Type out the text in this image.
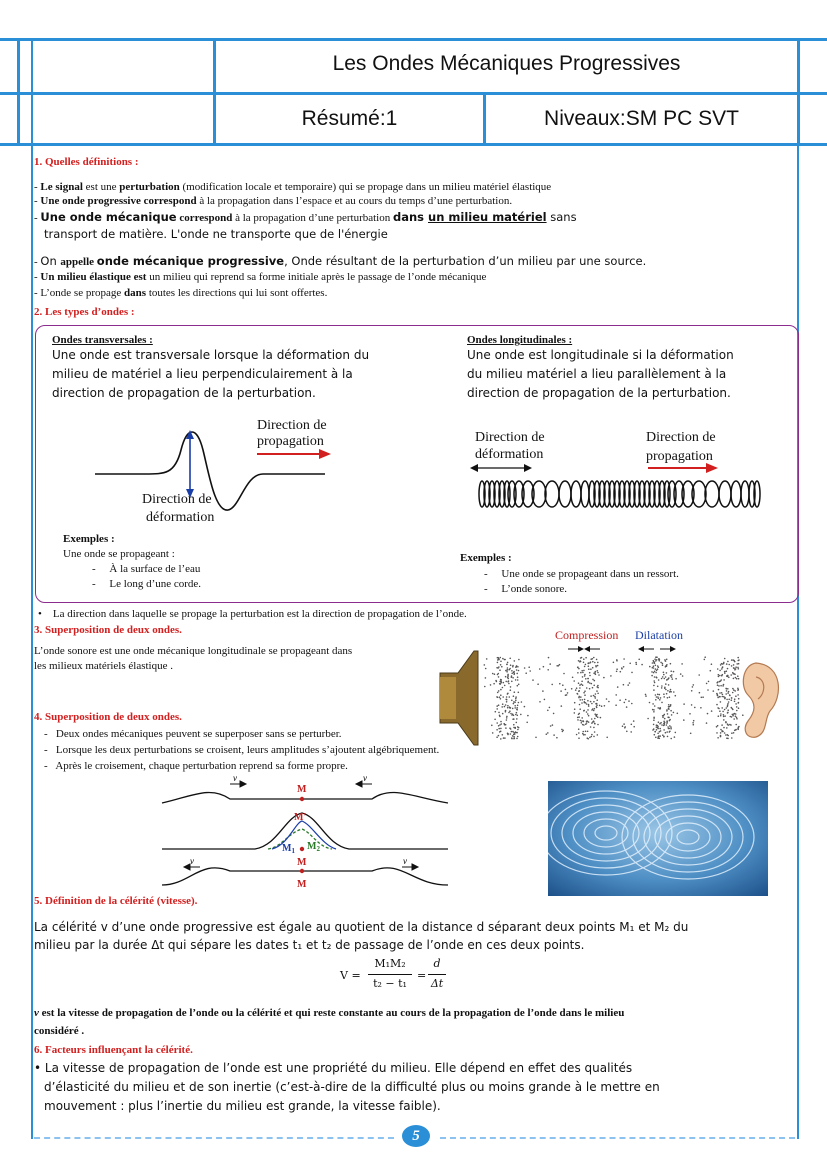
Les Ondes Mécaniques Progressives
Résumé:1	Niveaux:SM PC SVT
1. Quelles définitions :
- Le signal est une perturbation (modification locale et temporaire) qui se propage dans un milieu matériel élastique
- Une onde progressive correspond à la propagation dans l’espace et au cours du temps d’une perturbation.
- Une onde mécanique correspond à la propagation d’une perturbation dans un milieu matériel sans
transport de matière. L'onde ne transporte que de l'énergie
- On appelle onde mécanique progressive, Onde résultant de la perturbation d’un milieu par une source.
- Un milieu élastique est un milieu qui reprend sa forme initiale après le passage de l’onde mécanique
- L’onde se propage dans toutes les directions qui lui sont offertes.
2. Les types d’ondes :
Ondes transversales :
Une onde est transversale lorsque la déformation du
milieu de matériel a lieu perpendiculairement à la
direction de propagation de la perturbation.
Direction de
propagation
Direction de
déformation
Exemples :
Une onde se propageant :
-     À la surface de l’eau
-     Le long d’une corde.
Ondes longitudinales :
Une onde est longitudinale si la déformation
du milieu matériel a lieu parallèlement à la
direction de propagation de la perturbation.
Direction de
déformation
Direction de
propagation
Exemples :
-     Une onde se propageant dans un ressort.
-     L’onde sonore.
•    La direction dans laquelle se propage la perturbation est la direction de propagation de l’onde.
3. Superposition de deux ondes.
L’onde sonore est une onde mécanique longitudinale se propageant dans
les milieux matériels élastique .
Compression Dilatation
4. Superposition de deux ondes.
-   Deux ondes mécaniques peuvent se superposer sans se perturber.
-   Lorsque les deux perturbations se croisent, leurs amplitudes s’ajoutent algébriquement.
-   Après le croisement, chaque perturbation reprend sa forme propre.
v	v
v	v
M
M'
M
M
$M_1$ $M_2$
5. Définition de la célérité (vitesse).
La célérité v d’une onde progressive est égale au quotient de la distance d séparant deux points M₁ et M₂ du
milieu par la durée Δt qui sépare les dates t₁ et t₂ de passage de l’onde en ces deux points.
V =
M₁M₂
t₂ − t₁
=
d
Δt
v est la vitesse de propagation de l’onde ou la célérité et qui reste constante au cours de la propagation de l’onde dans le milieu
considéré .
6. Facteurs influençant la célérité.
• La vitesse de propagation de l’onde est une propriété du milieu. Elle dépend en effet des qualités
d’élasticité du milieu et de son inertie (c’est-à-dire de la difficulté plus ou moins grande à le mettre en
mouvement : plus l’inertie du milieu est grande, la vitesse faible).
5
